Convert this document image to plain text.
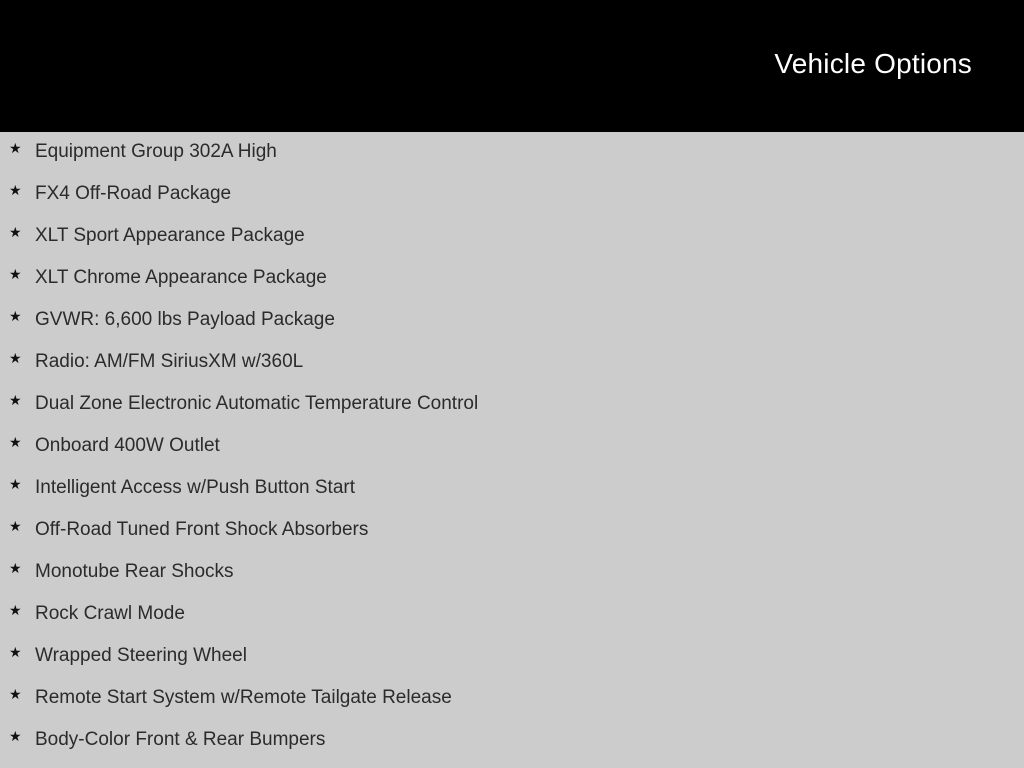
Vehicle Options
★ Equipment Group 302A High
★ FX4 Off-Road Package
★ XLT Sport Appearance Package
★ XLT Chrome Appearance Package
★ GVWR: 6,600 lbs Payload Package
★ Radio: AM/FM SiriusXM w/360L
★ Dual Zone Electronic Automatic Temperature Control
★ Onboard 400W Outlet
★ Intelligent Access w/Push Button Start
★ Off-Road Tuned Front Shock Absorbers
★ Monotube Rear Shocks
★ Rock Crawl Mode
★ Wrapped Steering Wheel
★ Remote Start System w/Remote Tailgate Release
★ Body-Color Front & Rear Bumpers
